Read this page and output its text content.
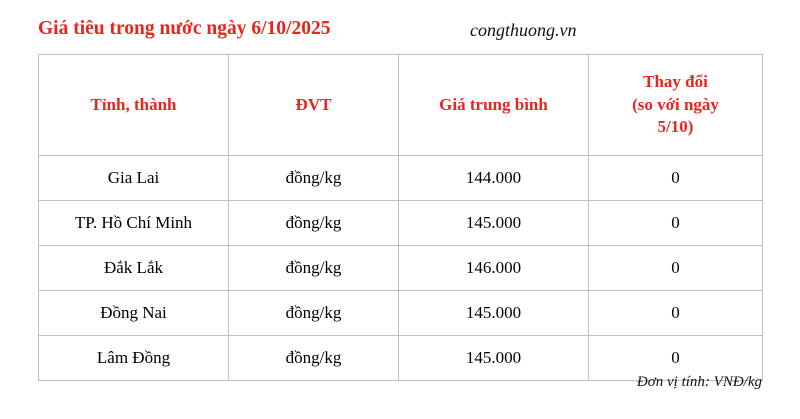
Giá tiêu trong nước ngày 6/10/2025	congthuong.vn
Tỉnh, thành	ĐVT	Giá trung bình	Thay đổi
(so với ngày
5/10)

Gia Lai	đồng/kg	144.000	0
TP. Hồ Chí Minh	đồng/kg	145.000	0
Đắk Lắk	đồng/kg	146.000	0
Đồng Nai	đồng/kg	145.000	0
Lâm Đồng	đồng/kg	145.000	0
Đơn vị tính: VNĐ/kg
